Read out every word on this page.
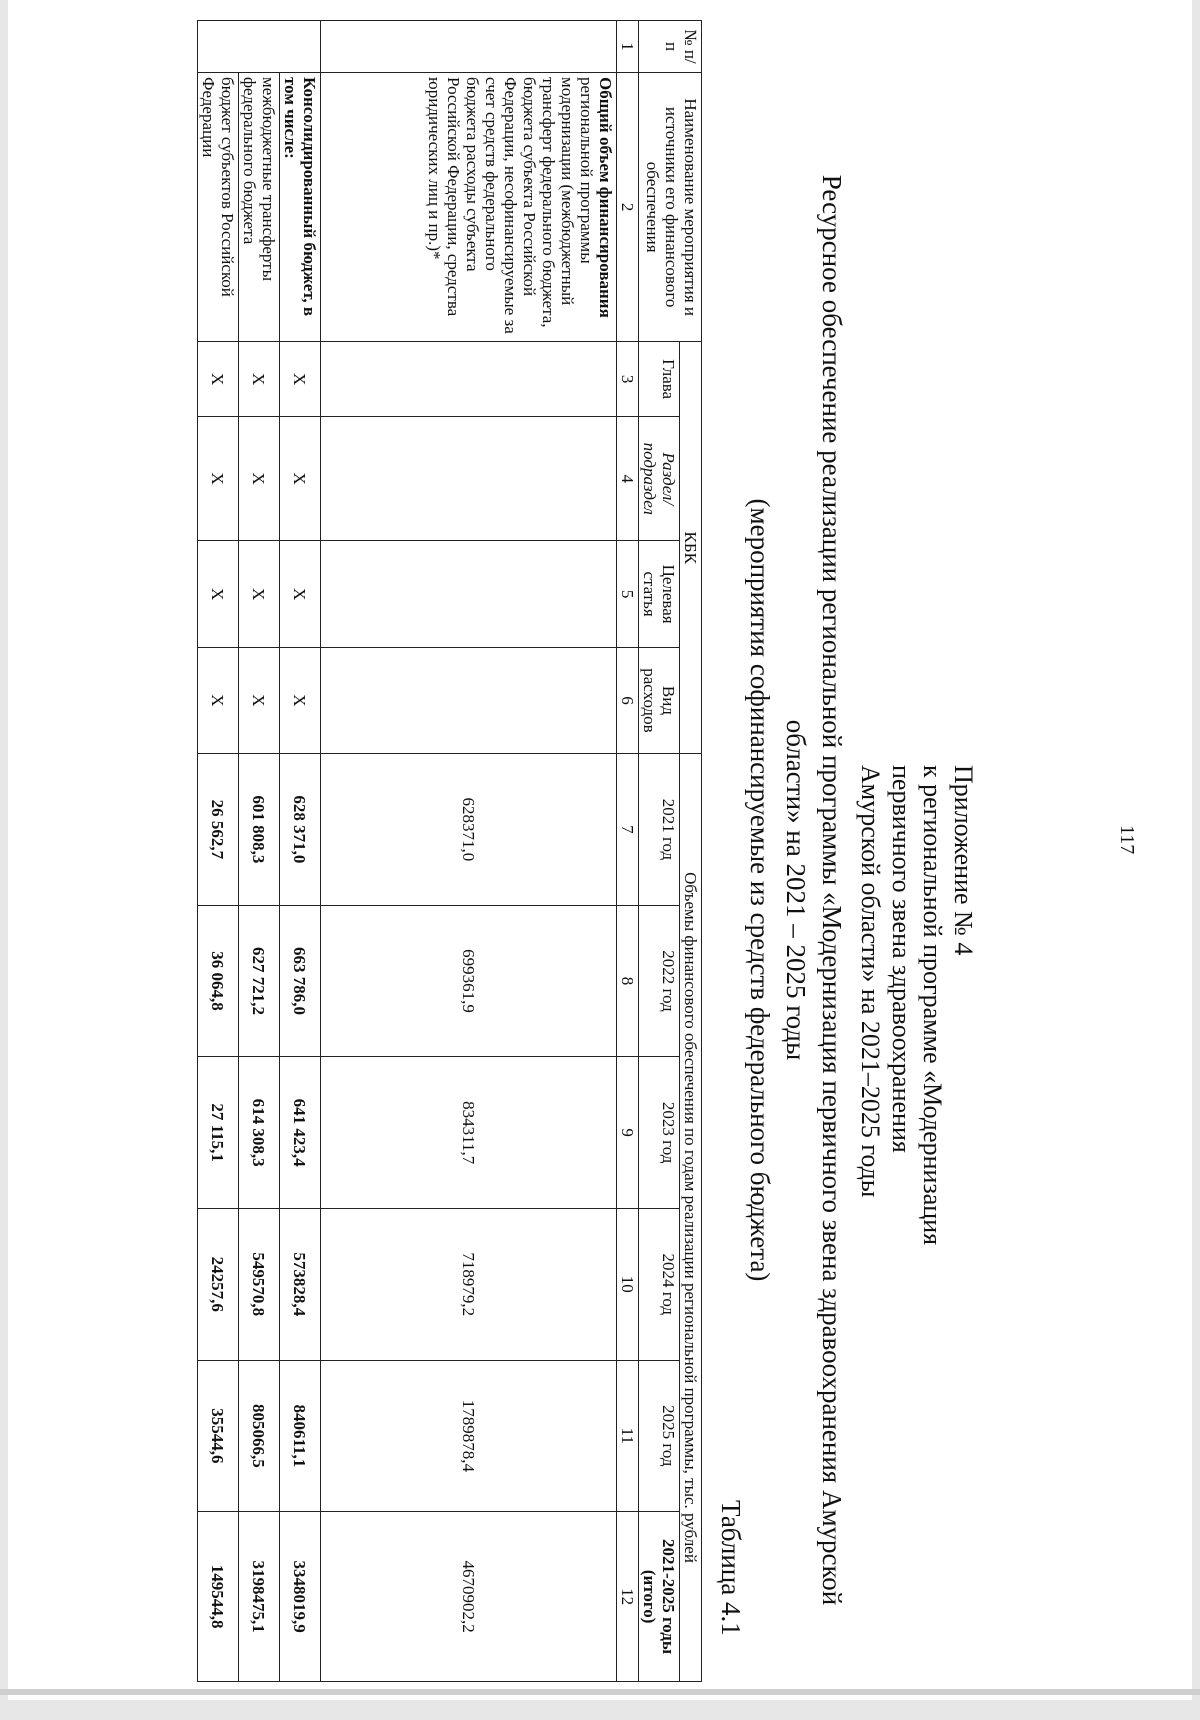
117
Приложение № 4
к региональной программе «Модернизация
первичного звена здравоохранения
Амурской области» на 2021–2025 годы
Ресурсное обеспечение реализации региональной программы «Модернизация первичного звена здравоохранения Амурской
области» на 2021 – 2025 годы
(мероприятия софинансируемые из средств федерального бюджета)
Таблица 4.1
№ п/п	Наименование мероприятия и источники его финансового обеспечения	КБК				Объемы финансового обеспечения по годам реализации региональной программы, тыс. рублей					
		Глава	Раздел/ подраздел	Целевая статья	Вид расходов	2021 год	2022 год	2023 год	2024 год	2025 год	2021-2025 годы (итого)
1	2	3	4	5	6	7	8	9	10	11	12
	Общий объем финансирования региональной программы модернизации (межбюджетный трансферт федерального бюджета, бюджета субъекта Российской Федерации, несофинансируемые за счет средств федерального бюджета расходы субъекта Российской Федерации, средства юридических лиц и пр.)*					628371,0	699361,9	834311,7	718979,2	1789878,4	4670902,2
	Консолидированный бюджет, в том числе:	Х	Х	Х	Х	628 371,0	663 786,0	641 423,4	573828,4	840611,1	3348019,9
	межбюджетные трансферты федерального бюджета	Х	Х	Х	Х	601 808,3	627 721,2	614 308,3	549570,8	805066,5	3198475,1
	бюджет субъектов Российской Федерации	Х	Х	Х	Х	26 562,7	36 064,8	27 115,1	24257,6	35544,6	149544,8
